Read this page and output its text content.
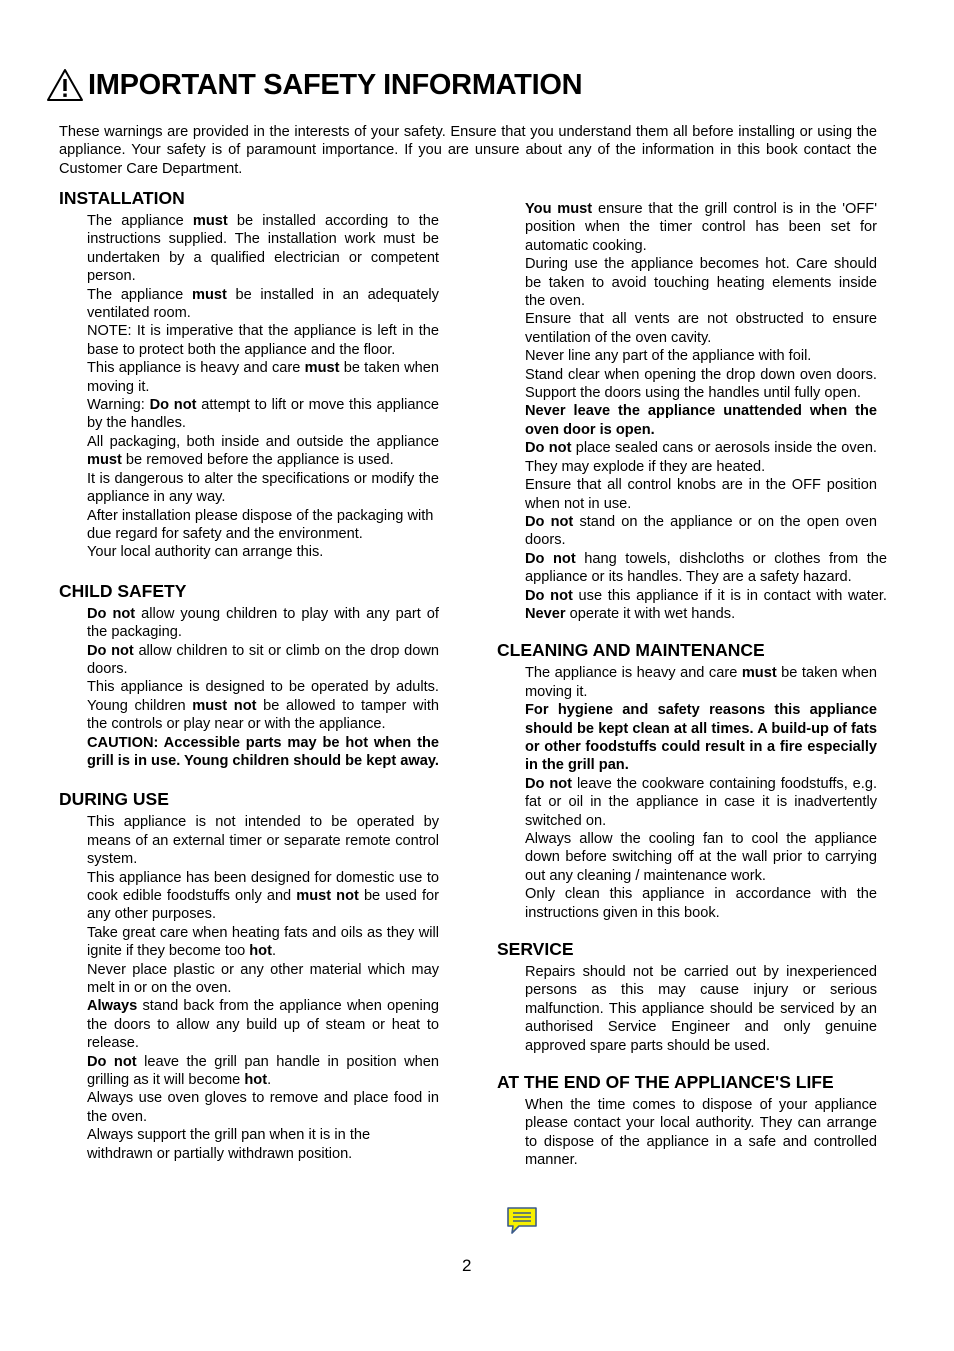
IMPORTANT SAFETY INFORMATION
These warnings are provided in the interests of your safety. Ensure that you understand them all before installing or using the appliance. Your safety is of paramount importance. If you are unsure about any of the information in this book contact the Customer Care Department.
INSTALLATION

The appliance must be installed according to the instructions supplied. The installation work must be undertaken by a qualified electrician or competent person.

The appliance must be installed in an adequately ventilated room.

NOTE: It is imperative that the appliance is left in the base to protect both the appliance and the floor.

This appliance is heavy and care must be taken when moving it.

Warning: Do not attempt to lift or move this appliance by the handles.

All packaging, both inside and outside the appliance must be removed before the appliance is used.

It is dangerous to alter the specifications or modify the appliance in any way.

After installation please dispose of the packaging with due regard for safety and the environment.

Your local authority can arrange this.

CHILD SAFETY

Do not allow young children to play with any part of the packaging.

Do not allow children to sit or climb on the drop down doors.

This appliance is designed to be operated by adults. Young children must not be allowed to tamper with the controls or play near or with the appliance.

CAUTION: Accessible parts may be hot when the grill is in use. Young children should be kept away.

DURING USE

This appliance is not intended to be operated by means of an external timer or separate remote control system.

This appliance has been designed for domestic use to cook edible foodstuffs only and must not be used for any other purposes.

Take great care when heating fats and oils as they will ignite if they become too hot.

Never place plastic or any other material which may melt in or on the oven.

Always stand back from the appliance when opening the doors to allow any build up of steam or heat to release.

Do not leave the grill pan handle in position when grilling as it will become hot.

Always use oven gloves to remove and place food in the oven.

Always support the grill pan when it is in the withdrawn or partially withdrawn position.

You must ensure that the grill control is in the 'OFF' position when the timer control has been set for automatic cooking.

During use the appliance becomes hot. Care should be taken to avoid touching heating elements inside the oven.

Ensure that all vents are not obstructed to ensure ventilation of the oven cavity.

Never line any part of the appliance with foil.

Stand clear when opening the drop down oven doors. Support the doors using the handles until fully open.

Never leave the appliance unattended when the oven door is open.

Do not place sealed cans or aerosols inside the oven. They may explode if they are heated.

Ensure that all control knobs are in the OFF position when not in use.

Do not stand on the appliance or on the open oven doors.

Do not hang towels, dishcloths or clothes from the appliance or its handles. They are a safety hazard.

Do not use this appliance if it is in contact with water. Never operate it with wet hands.

CLEANING AND MAINTENANCE

The appliance is heavy and care must be taken when moving it.

For hygiene and safety reasons this appliance should be kept clean at all times. A build-up of fats or other foodstuffs could result in a fire especially in the grill pan.

Do not leave the cookware containing foodstuffs, e.g. fat or oil in the appliance in case it is inadvertently switched on.

Always allow the cooling fan to cool the appliance down before switching off at the wall prior to carrying out any cleaning / maintenance work.

Only clean this appliance in accordance with the instructions given in this book.

SERVICE

Repairs should not be carried out by inexperienced persons as this may cause injury or serious malfunction. This appliance should be serviced by an authorised Service Engineer and only genuine approved spare parts should be used.

AT THE END OF THE APPLIANCE'S LIFE

When the time comes to dispose of your appliance please contact your local authority. They can arrange to dispose of the appliance in a safe and controlled manner.

2
